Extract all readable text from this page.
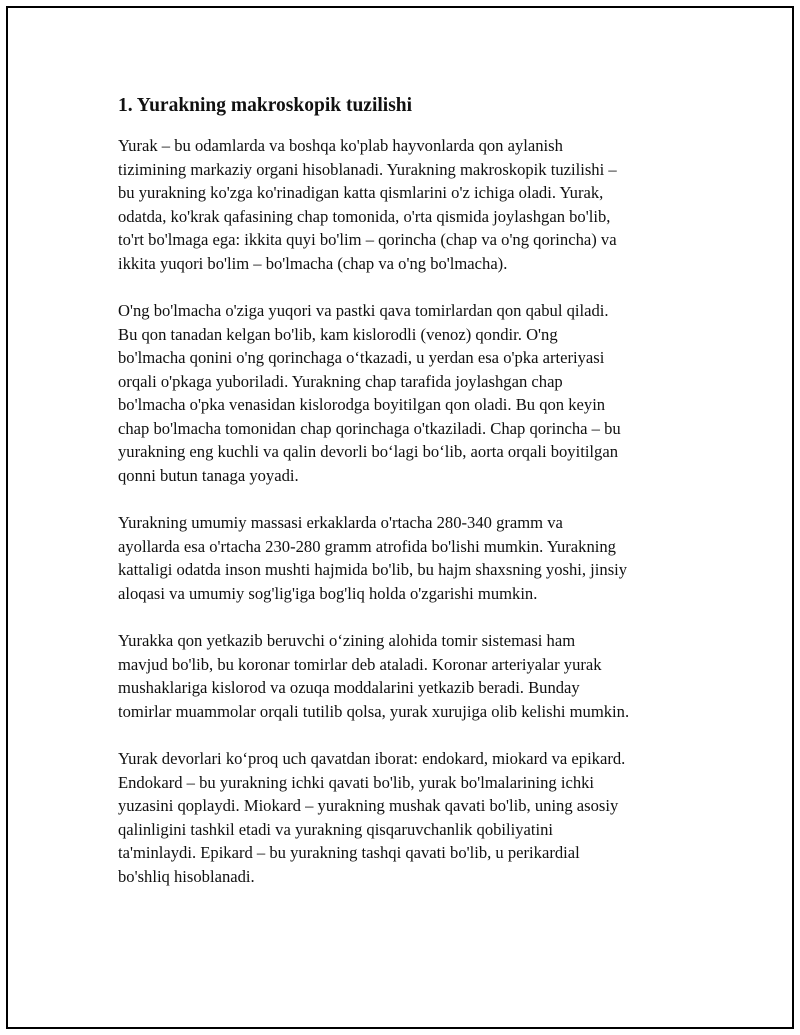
1. Yurakning makroskopik tuzilishi

Yurak – bu odamlarda va boshqa ko'plab hayvonlarda qon aylanish
tizimining markaziy organi hisoblanadi. Yurakning makroskopik tuzilishi –
bu yurakning ko'zga ko'rinadigan katta qismlarini o'z ichiga oladi. Yurak,
odatda, ko'krak qafasining chap tomonida, o'rta qismida joylashgan bo'lib,
to'rt bo'lmaga ega: ikkita quyi bo'lim – qorincha (chap va o'ng qorincha) va
ikkita yuqori bo'lim – bo'lmacha (chap va o'ng bo'lmacha).

O'ng bo'lmacha o'ziga yuqori va pastki qava tomirlardan qon qabul qiladi.
Bu qon tanadan kelgan bo'lib, kam kislorodli (venoz) qondir. O'ng
bo'lmacha qonini o'ng qorinchaga o‘tkazadi, u yerdan esa o'pka arteriyasi
orqali o'pkaga yuboriladi. Yurakning chap tarafida joylashgan chap
bo'lmacha o'pka venasidan kislorodga boyitilgan qon oladi. Bu qon keyin
chap bo'lmacha tomonidan chap qorinchaga o'tkaziladi. Chap qorincha – bu
yurakning eng kuchli va qalin devorli bo‘lagi bo‘lib, aorta orqali boyitilgan
qonni butun tanaga yoyadi.

Yurakning umumiy massasi erkaklarda o'rtacha 280-340 gramm va
ayollarda esa o'rtacha 230-280 gramm atrofida bo'lishi mumkin. Yurakning
kattaligi odatda inson mushti hajmida bo'lib, bu hajm shaxsning yoshi, jinsiy
aloqasi va umumiy sog'lig'iga bog'liq holda o'zgarishi mumkin.

Yurakka qon yetkazib beruvchi o‘zining alohida tomir sistemasi ham
mavjud bo'lib, bu koronar tomirlar deb ataladi. Koronar arteriyalar yurak
mushaklariga kislorod va ozuqa moddalarini yetkazib beradi. Bunday
tomirlar muammolar orqali tutilib qolsa, yurak xurujiga olib kelishi mumkin.

Yurak devorlari ko‘proq uch qavatdan iborat: endokard, miokard va epikard.
Endokard – bu yurakning ichki qavati bo'lib, yurak bo'lmalarining ichki
yuzasini qoplaydi. Miokard – yurakning mushak qavati bo'lib, uning asosiy
qalinligini tashkil etadi va yurakning qisqaruvchanlik qobiliyatini
ta'minlaydi. Epikard – bu yurakning tashqi qavati bo'lib, u perikardial
bo'shliq hisoblanadi.
